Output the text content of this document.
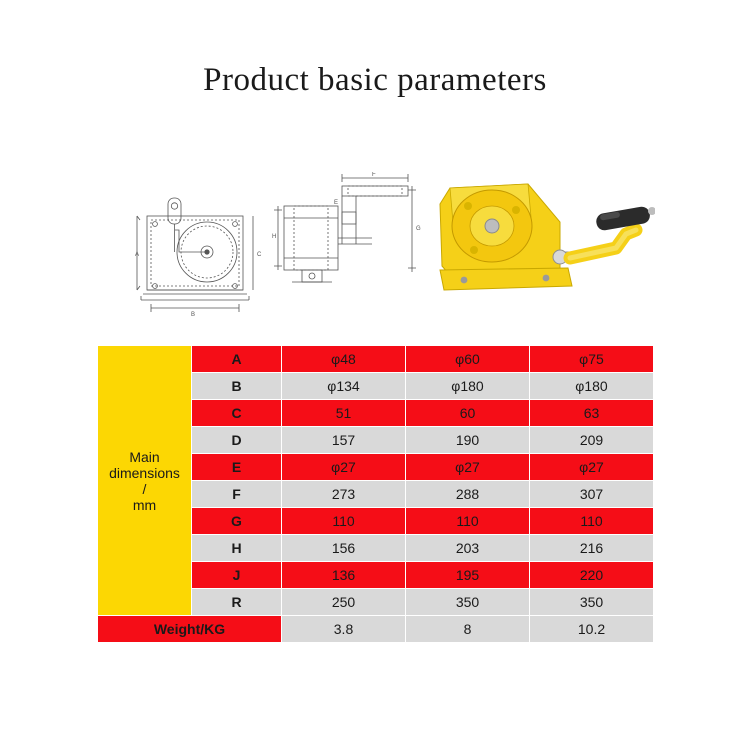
Product basic parameters
B
A	C
F
G
H
E
Main
dimensions
/
mm	A	φ48	φ60	φ75
	B	φ134	φ180	φ180
	C	51	60	63
	D	157	190	209
	E	φ27	φ27	φ27
	F	273	288	307
	G	110	110	110
	H	156	203	216
	J	136	195	220
	R	250	350	350
Weight/KG		3.8	8	10.2
